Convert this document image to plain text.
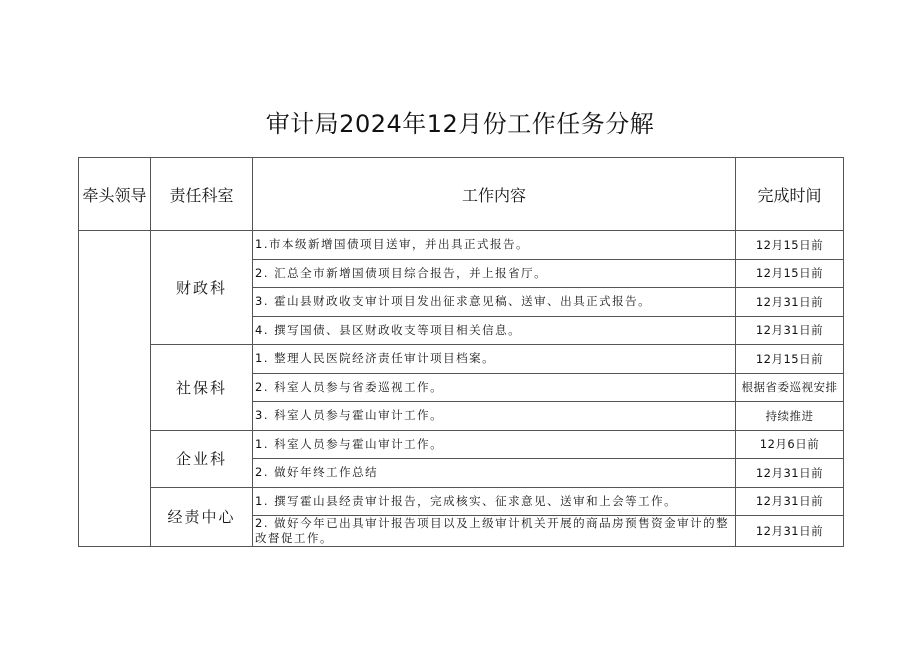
审计局2024年12月份工作任务分解
牵头领导	责任科室	工作内容	完成时间
	财政科	1.市本级新增国债项目送审，并出具正式报告。	12月15日前
		2. 汇总全市新增国债项目综合报告，并上报省厅。	12月15日前
		3. 霍山县财政收支审计项目发出征求意见稿、送审、出具正式报告。	12月31日前
		4. 撰写国债、县区财政收支等项目相关信息。	12月31日前
	社保科	1. 整理人民医院经济责任审计项目档案。	12月15日前
		2. 科室人员参与省委巡视工作。	根据省委巡视安排
		3. 科室人员参与霍山审计工作。	持续推进
	企业科	1. 科室人员参与霍山审计工作。	12月6日前
		2. 做好年终工作总结	12月31日前
	经责中心	1. 撰写霍山县经责审计报告，完成核实、征求意见、送审和上会等工作。	12月31日前
		2. 做好今年已出具审计报告项目以及上级审计机关开展的商品房预售资金审计的整改督促工作。	12月31日前
